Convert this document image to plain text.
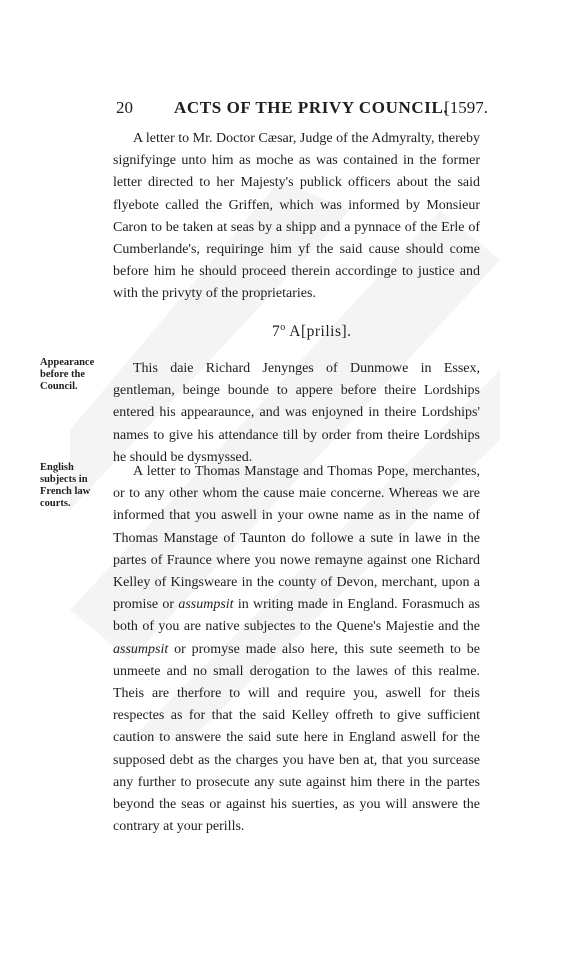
20 ACTS OF THE PRIVY COUNCIL.
[1597.

A letter to Mr. Doctor Cæsar, Judge of the Admyralty, thereby signifyinge unto him as moche as was contained in the former letter directed to her Majesty's publick officers about the said flyebote called the Griffen, which was informed by Monsieur Caron to be taken at seas by a shipp and a pynnace of the Erle of Cumberlande's, requiringe him yf the said cause should come before him he should proceed therein accordinge to justice and with the privyty of the proprietaries.

7$^o$ A[prilis].
Appearance before the Council.

This daie Richard Jenynges of Dunmowe in Essex, gentleman, beinge bounde to appere before theire Lordships entered his appearaunce, and was enjoyned in theire Lordships' names to give his attendance till by order from theire Lordships he should be dysmyssed.

English subjects in French law courts.

A letter to Thomas Manstage and Thomas Pope, merchantes, or to any other whom the cause maie concerne. Whereas we are informed that you aswell in your owne name as in the name of Thomas Manstage of Taunton do followe a sute in lawe in the partes of Fraunce where you nowe remayne against one Richard Kelley of Kingsweare in the county of Devon, merchant, upon a promise or assumpsit in writing made in England. Forasmuch as both of you are native subjectes to the Quene's Majestie and the assumpsit or promyse made also here, this sute seemeth to be unmeete and no small derogation to the lawes of this realme. Theis are therfore to will and require you, aswell for theis respectes as for that the said Kelley offreth to give sufficient caution to answere the said sute here in England aswell for the supposed debt as the charges you have ben at, that you surcease any further to prosecute any sute against him there in the partes beyond the seas or against his suerties, as you will answere the contrary at your perills.
